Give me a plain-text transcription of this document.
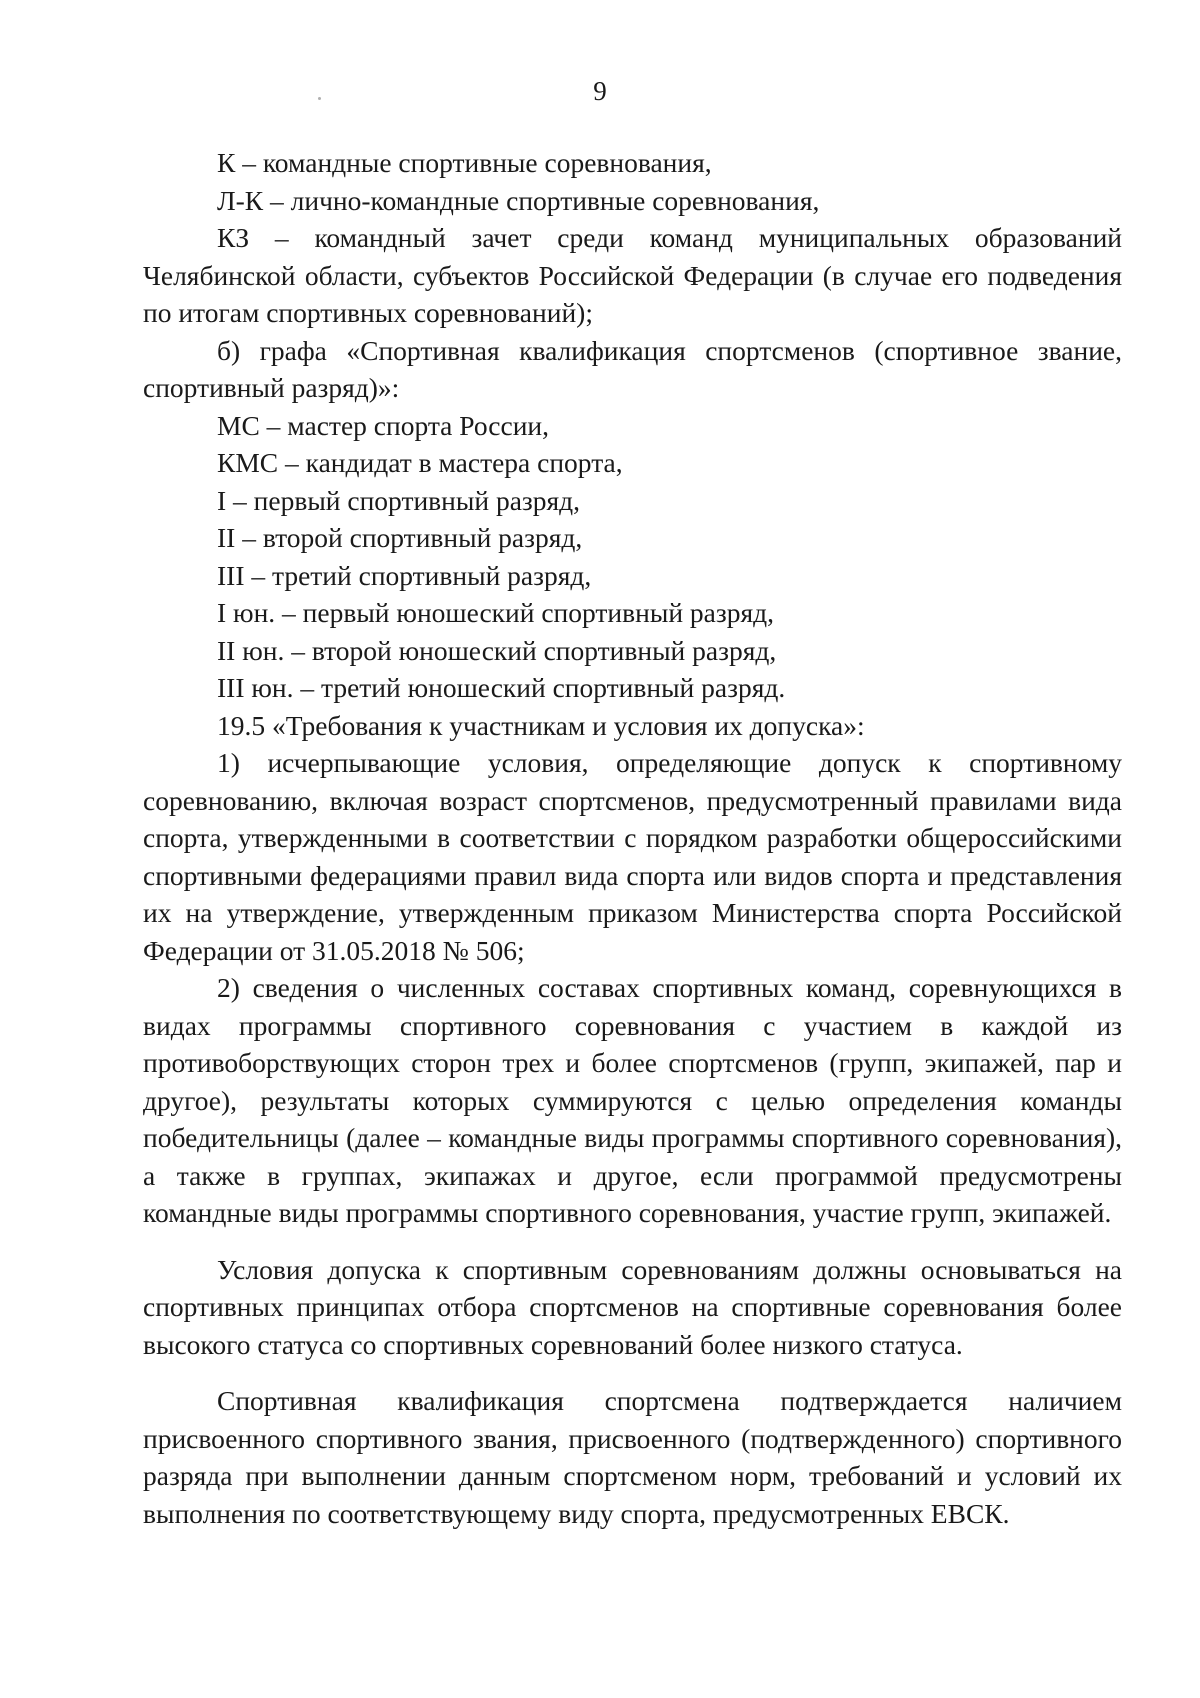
9

К – командные спортивные соревнования,

Л-К – лично-командные спортивные соревнования,

КЗ – командный зачет среди команд муниципальных образований Челябинской области, субъектов Российской Федерации (в случае его подведения по итогам спортивных соревнований);

б) графа «Спортивная квалификация спортсменов (спортивное звание, спортивный разряд)»:

МС – мастер спорта России,

КМС – кандидат в мастера спорта,

I – первый спортивный разряд,

II – второй спортивный разряд,

III – третий спортивный разряд,

I юн. – первый юношеский спортивный разряд,

II юн. – второй юношеский спортивный разряд,

III юн. – третий юношеский спортивный разряд.

19.5 «Требования к участникам и условия их допуска»:

1) исчерпывающие условия, определяющие допуск к спортивному соревнованию, включая возраст спортсменов, предусмотренный правилами вида спорта, утвержденными в соответствии с порядком разработки общероссийскими спортивными федерациями правил вида спорта или видов спорта и представления их на утверждение, утвержденным приказом Министерства спорта Российской Федерации от 31.05.2018 № 506;

2) сведения о численных составах спортивных команд, соревнующихся в видах программы спортивного соревнования с участием в каждой из противоборствующих сторон трех и более спортсменов (групп, экипажей, пар и другое), результаты которых суммируются с целью определения команды победительницы (далее – командные виды программы спортивного соревнования), а также в группах, экипажах и другое, если программой предусмотрены командные виды программы спортивного соревнования, участие групп, экипажей.

Условия допуска к спортивным соревнованиям должны основываться на спортивных принципах отбора спортсменов на спортивные соревнования более высокого статуса со спортивных соревнований более низкого статуса.

Спортивная квалификация спортсмена подтверждается наличием присвоенного спортивного звания, присвоенного (подтвержденного) спортивного разряда при выполнении данным спортсменом норм, требований и условий их выполнения по соответствующему виду спорта, предусмотренных ЕВСК.
